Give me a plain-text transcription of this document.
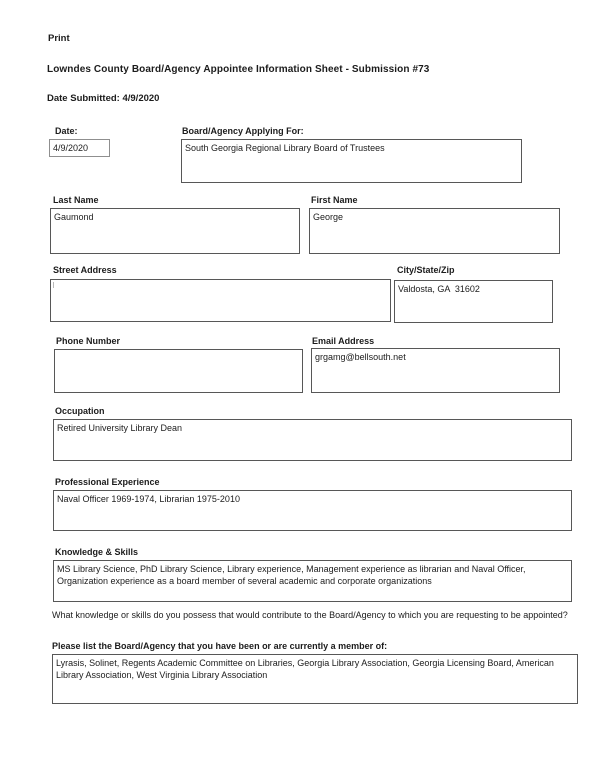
Print
Lowndes County Board/Agency Appointee Information Sheet - Submission #73
Date Submitted: 4/9/2020
Date:
4/9/2020
Board/Agency Applying For:
South Georgia Regional Library Board of Trustees
Last Name
Gaumond
First Name
George
Street Address	City/State/Zip
Valdosta, GA  31602
Phone Number	Email Address
grgamg@bellsouth.net
Occupation
Retired University Library Dean
Professional Experience
Naval Officer 1969-1974, Librarian 1975-2010
Knowledge & Skills
MS Library Science, PhD Library Science, Library experience, Management experience as librarian and Naval Officer, Organization experience as a board member of several academic and corporate organizations
What knowledge or skills do you possess that would contribute to the Board/Agency to which you are requesting to be appointed?
Please list the Board/Agency that you have been or are currently a member of:
Lyrasis, Solinet, Regents Academic Committee on Libraries, Georgia Library Association, Georgia Licensing Board, American Library Association, West Virginia Library Association
